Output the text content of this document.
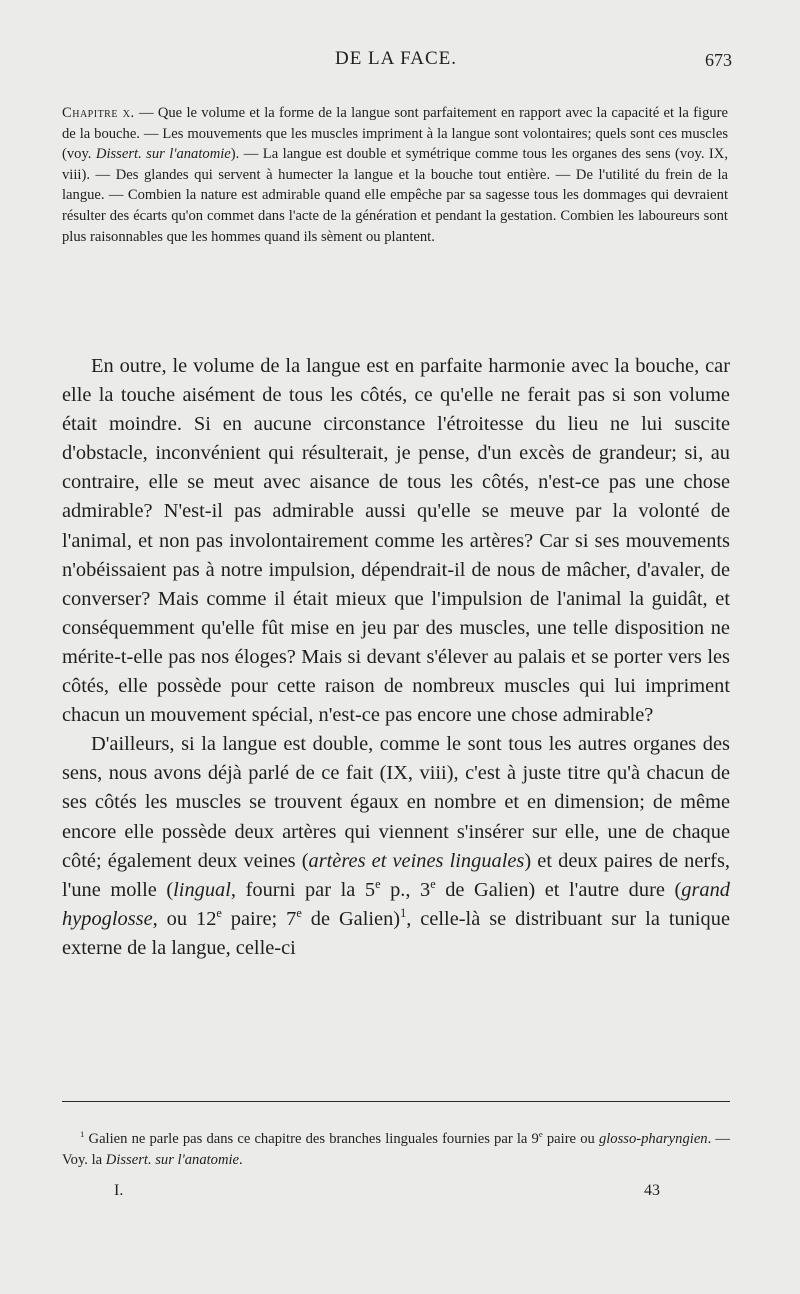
DE LA FACE.	673

Chapitre x. — Que le volume et la forme de la langue sont parfaitement en rapport avec la capacité et la figure de la bouche. — Les mouvements que les muscles impriment à la langue sont volontaires; quels sont ces muscles (voy. Dissert. sur l'anatomie). — La langue est double et symétrique comme tous les organes des sens (voy. IX, viii). — Des glandes qui servent à humecter la langue et la bouche tout entière. — De l'utilité du frein de la langue. — Combien la nature est admirable quand elle empêche par sa sagesse tous les dommages qui devraient résulter des écarts qu'on commet dans l'acte de la génération et pendant la gestation. Combien les laboureurs sont plus raisonnables que les hommes quand ils sèment ou plantent.

En outre, le volume de la langue est en parfaite harmonie avec la bouche, car elle la touche aisément de tous les côtés, ce qu'elle ne ferait pas si son volume était moindre. Si en aucune circonstance l'étroitesse du lieu ne lui suscite d'obstacle, inconvénient qui résulterait, je pense, d'un excès de grandeur; si, au contraire, elle se meut avec aisance de tous les côtés, n'est-ce pas une chose admirable? N'est-il pas admirable aussi qu'elle se meuve par la volonté de l'animal, et non pas involontairement comme les artères? Car si ses mouvements n'obéissaient pas à notre impulsion, dépendrait-il de nous de mâcher, d'avaler, de converser? Mais comme il était mieux que l'impulsion de l'animal la guidât, et conséquemment qu'elle fût mise en jeu par des muscles, une telle disposition ne mérite-t-elle pas nos éloges? Mais si devant s'élever au palais et se porter vers les côtés, elle possède pour cette raison de nombreux muscles qui lui impriment chacun un mouvement spécial, n'est-ce pas encore une chose admirable?

D'ailleurs, si la langue est double, comme le sont tous les autres organes des sens, nous avons déjà parlé de ce fait (IX, viii), c'est à juste titre qu'à chacun de ses côtés les muscles se trouvent égaux en nombre et en dimension; de même encore elle possède deux artères qui viennent s'insérer sur elle, une de chaque côté; également deux veines (artères et veines linguales) et deux paires de nerfs, l'une molle (lingual, fourni par la 5e p., 3e de Galien) et l'autre dure (grand hypoglosse, ou 12e paire; 7e de Galien)$^1$, celle-là se distribuant sur la tunique externe de la langue, celle-ci

$^1$ Galien ne parle pas dans ce chapitre des branches linguales fournies par la 9e paire ou glosso-pharyngien. — Voy. la Dissert. sur l'anatomie.

I.	43
